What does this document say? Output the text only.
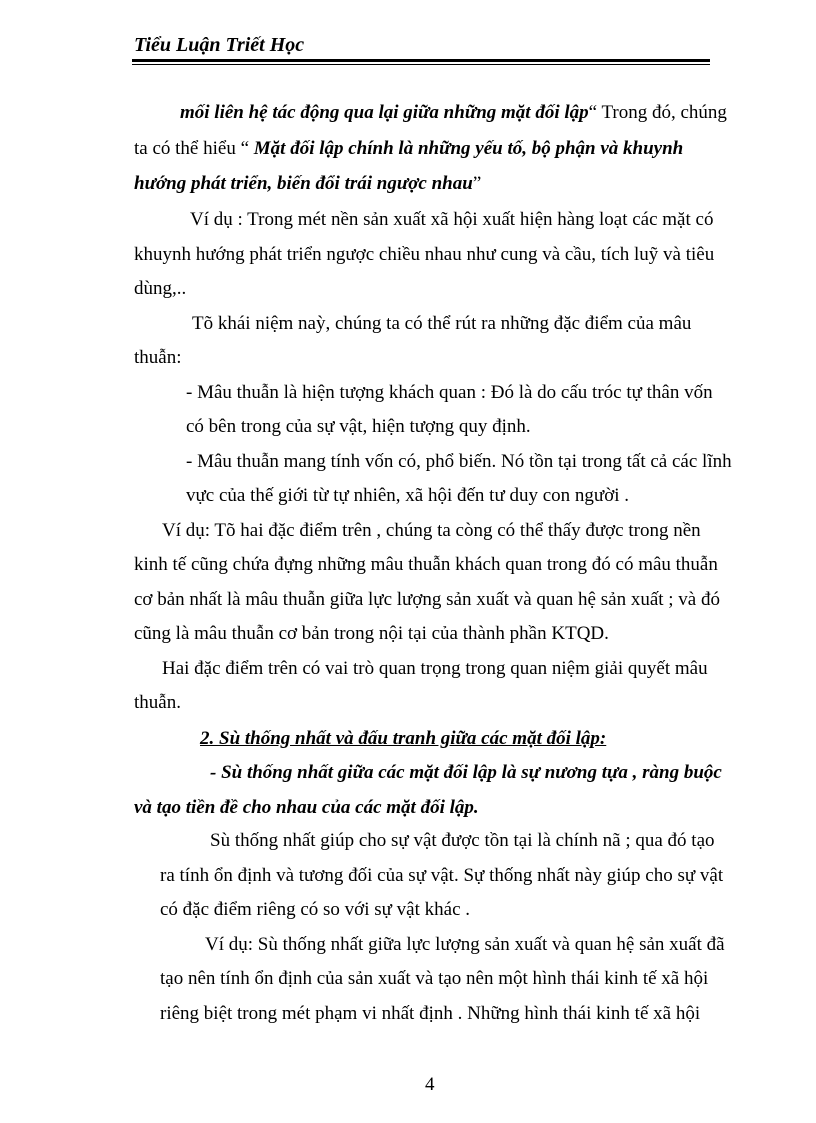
Tiểu Luận Triết Học

mối liên hệ tác động qua lại giữa những mặt đối lập“ Trong đó, chúng

ta có thể hiểu “ Mặt đối lập chính là những yếu tố, bộ phận và khuynh

hướng phát triển, biến đổi trái ngược nhau”

Ví dụ : Trong mét nền sản xuất xã hội xuất hiện hàng loạt các mặt có

khuynh hướng phát triển ngược chiều nhau như cung và cầu, tích luỹ và tiêu

dùng,..

Tõ khái niệm naỳ, chúng ta có thể rút ra những đặc điểm của mâu

thuẫn:

- Mâu thuẫn là hiện tượng khách quan : Đó là do cấu tróc tự thân vốn

có bên trong của sự vật, hiện tượng quy định.

- Mâu thuẫn mang tính vốn có, phổ biến. Nó tồn tại trong tất cả các lĩnh

vực của thế giới từ tự nhiên, xã hội đến tư duy con người .

Ví dụ: Tõ hai đặc điểm trên , chúng ta còng có thể thấy được trong nền

kinh tế cũng chứa đựng những mâu thuẫn khách quan trong đó có mâu thuẫn

cơ bản nhất là mâu thuẫn giữa lực lượng sản xuất và quan hệ sản xuất ; và đó

cũng là mâu thuẫn cơ bản trong nội tại của thành phần KTQD.

Hai đặc điểm trên có vai trò quan trọng trong quan niệm giải quyết mâu

thuẫn.

2. Sù thống nhất và đấu tranh giữa các mặt đối lập:

- Sù thống nhất giữa các mặt đối lập là sự nương tựa , ràng buộc

và tạo tiền đề cho nhau của các mặt đối lập.

Sù thống nhất giúp cho sự vật được tồn tại là chính nã ; qua đó tạo

ra tính ổn định và tương đối của sự vật. Sự thống nhất này giúp cho sự vật

có đặc điểm riêng có so với sự vật khác .

Ví dụ: Sù thống nhất giữa lực lượng sản xuất và quan hệ sản xuất đã

tạo nên tính ổn định của sản xuất và tạo nên một hình thái kinh tế xã hội

riêng biệt trong mét phạm vi nhất định . Những hình thái kinh tế xã hội

4
